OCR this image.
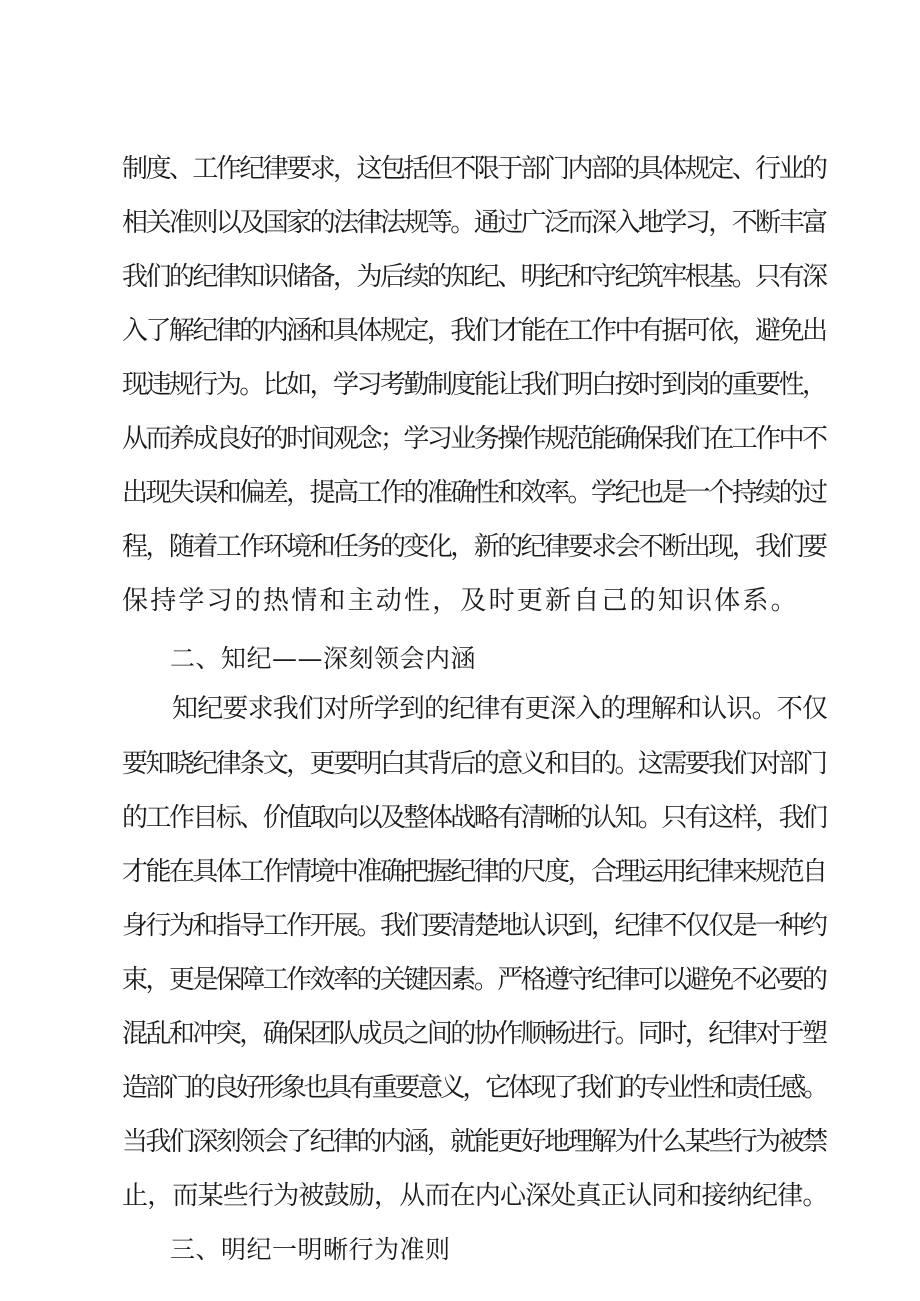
制度、工作纪律要求，这包括但不限于部门内部的具体规定、行业的
相关准则以及国家的法律法规等。通过广泛而深入地学习，不断丰富
我们的纪律知识储备，为后续的知纪、明纪和守纪筑牢根基。只有深
入了解纪律的内涵和具体规定，我们才能在工作中有据可依，避免出
现违规行为。比如，学习考勤制度能让我们明白按时到岗的重要性，
从而养成良好的时间观念；学习业务操作规范能确保我们在工作中不
出现失误和偏差，提高工作的准确性和效率。学纪也是一个持续的过
程，随着工作环境和任务的变化，新的纪律要求会不断出现，我们要
保持学习的热情和主动性，及时更新自己的知识体系。
二、知纪——深刻领会内涵
知纪要求我们对所学到的纪律有更深入的理解和认识。不仅
要知晓纪律条文，更要明白其背后的意义和目的。这需要我们对部门
的工作目标、价值取向以及整体战略有清晰的认知。只有这样，我们
才能在具体工作情境中准确把握纪律的尺度，合理运用纪律来规范自
身行为和指导工作开展。我们要清楚地认识到，纪律不仅仅是一种约
束，更是保障工作效率的关键因素。严格遵守纪律可以避免不必要的
混乱和冲突，确保团队成员之间的协作顺畅进行。同时，纪律对于塑
造部门的良好形象也具有重要意义，它体现了我们的专业性和责任感。
当我们深刻领会了纪律的内涵，就能更好地理解为什么某些行为被禁
止，而某些行为被鼓励，从而在内心深处真正认同和接纳纪律。
三、明纪一明晰行为准则
